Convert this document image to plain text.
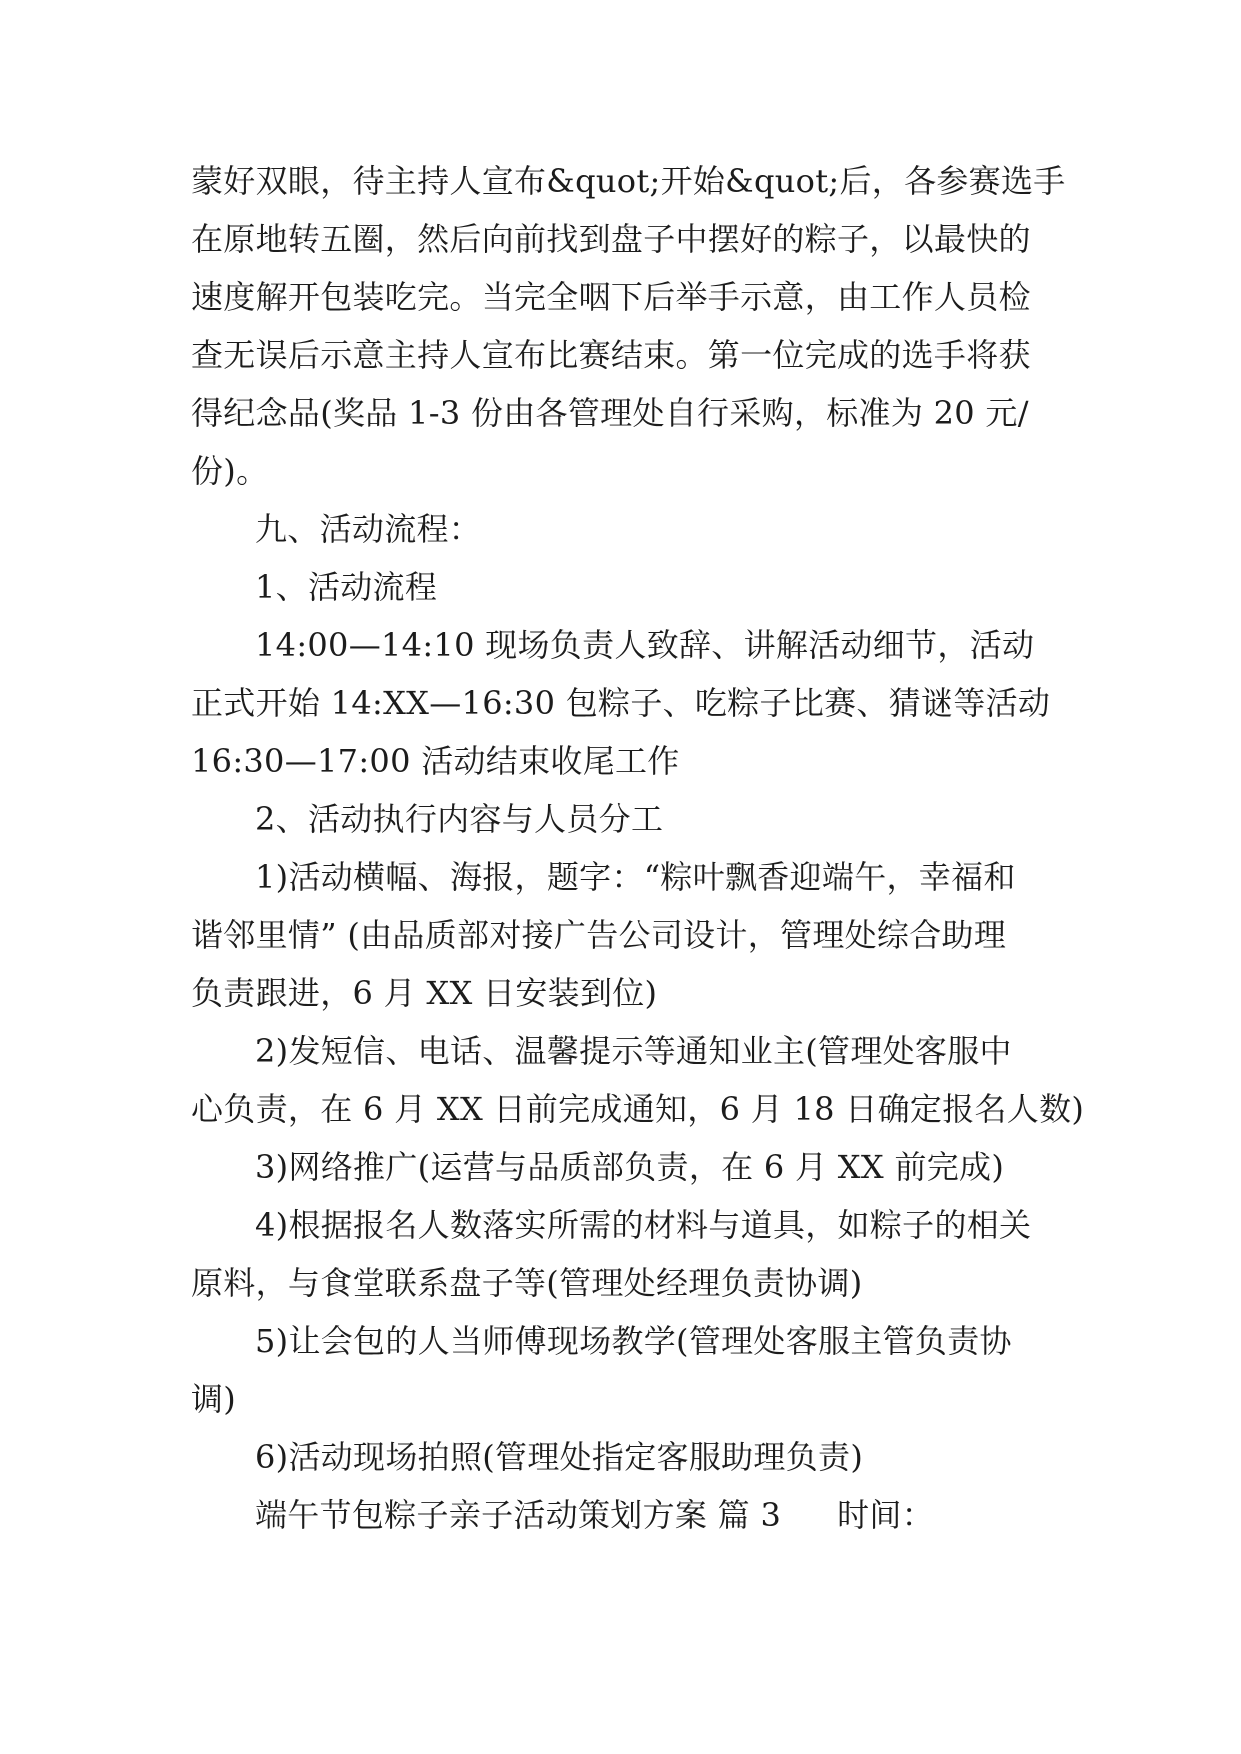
蒙好双眼，待主持人宣布&quot;开始&quot;后，各参赛选手

在原地转五圈，然后向前找到盘子中摆好的粽子，以最快的

速度解开包装吃完。当完全咽下后举手示意，由工作人员检

查无误后示意主持人宣布比赛结束。第一位完成的选手将获

得纪念品(奖品 1-3 份由各管理处自行采购，标准为 20 元/

份)。

九、活动流程：

1、活动流程

14:00—14:10 现场负责人致辞、讲解活动细节，活动

正式开始 14:XX—16:30 包粽子、吃粽子比赛、猜谜等活动

16:30—17:00 活动结束收尾工作

2、活动执行内容与人员分工

1)活动横幅、海报，题字：“粽叶飘香迎端午，幸福和

谐邻里情” (由品质部对接广告公司设计，管理处综合助理

负责跟进，6 月 XX 日安装到位)

2)发短信、电话、温馨提示等通知业主(管理处客服中

心负责，在 6 月 XX 日前完成通知，6 月 18 日确定报名人数)

3)网络推广(运营与品质部负责，在 6 月 XX 前完成)

4)根据报名人数落实所需的材料与道具，如粽子的相关

原料，与食堂联系盘子等(管理处经理负责协调)

5)让会包的人当师傅现场教学(管理处客服主管负责协

调)

6)活动现场拍照(管理处指定客服助理负责)

端午节包粽子亲子活动策划方案 篇 3 时间：
